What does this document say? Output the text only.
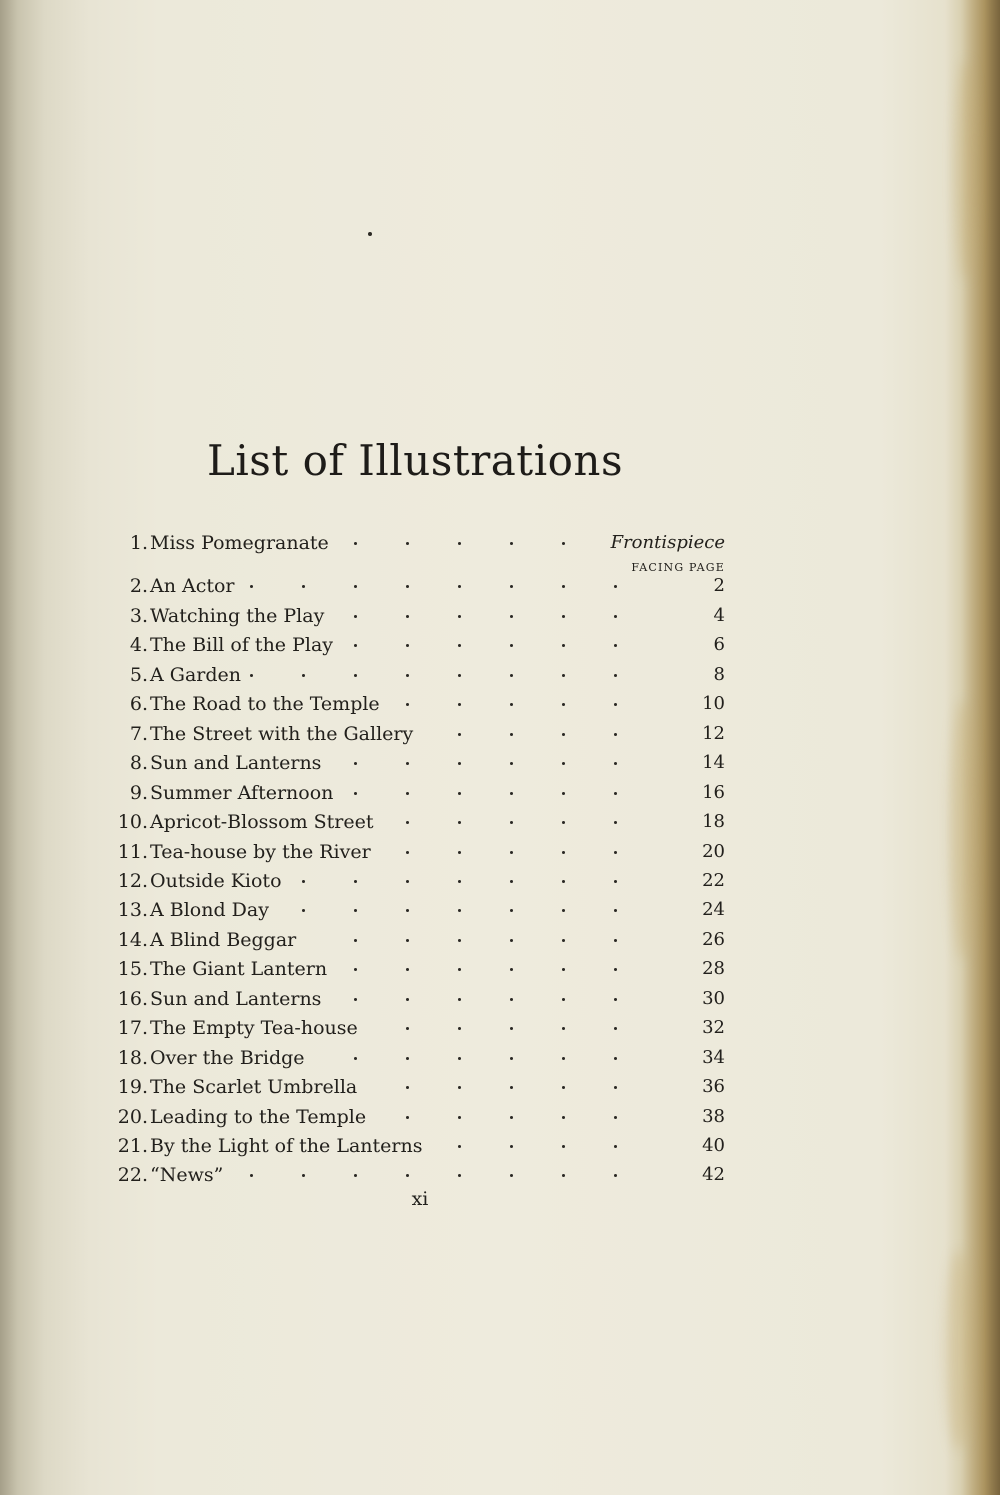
List of Illustrations
FACING PAGE
1. Miss Pomegranate	Frontispiece
2. An Actor	2
3. Watching the Play	4
4. The Bill of the Play	6
5. A Garden	8
6. The Road to the Temple	10
7. The Street with the Gallery	12
8. Sun and Lanterns	14
9. Summer Afternoon	16
10. Apricot-Blossom Street	18
11. Tea-house by the River	20
12. Outside Kioto	22
13. A Blond Day	24
14. A Blind Beggar	26
15. The Giant Lantern	28
16. Sun and Lanterns	30
17. The Empty Tea-house	32
18. Over the Bridge	34
19. The Scarlet Umbrella	36
20. Leading to the Temple	38
21. By the Light of the Lanterns	40
22. “News”	42
xi
